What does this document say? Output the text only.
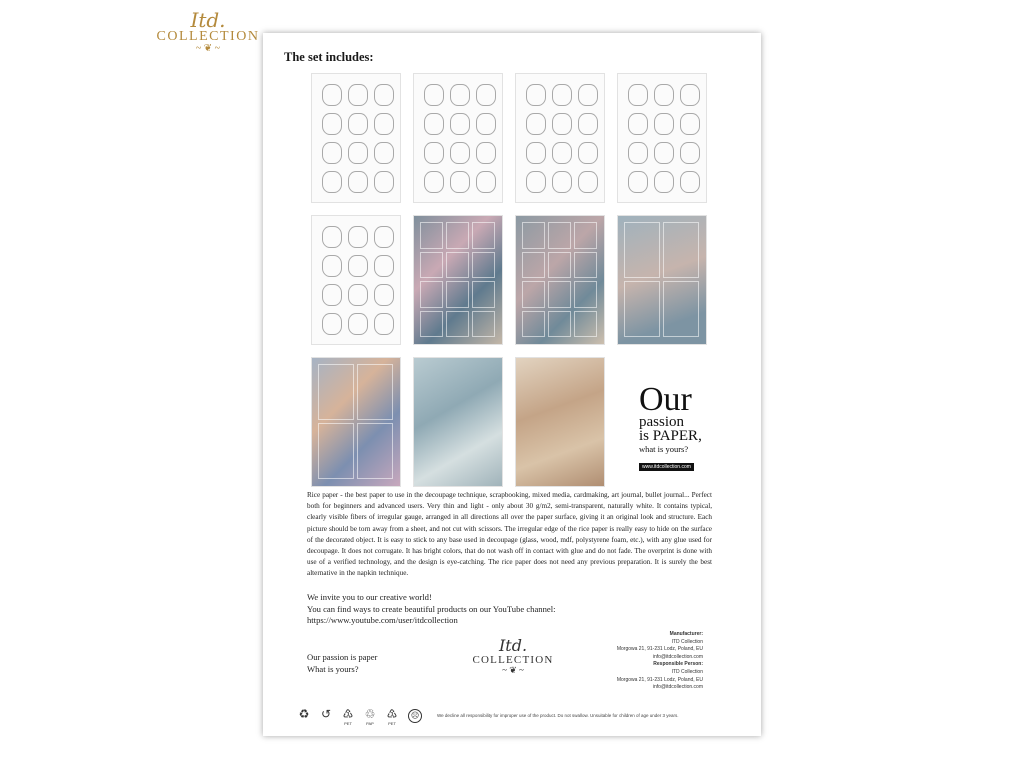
Itd.
COLLECTION
~ ❦ ~
The set includes:
Our
passion
is PAPER,
what is yours?
www.itdcollection.com
Rice paper - the best paper to use in the decoupage technique, scrapbooking, mixed media, cardmaking, art journal, bullet journal... Perfect both for beginners and advanced users. Very thin and light - only about 30 g/m2, semi-transparent, naturally white. It contains typical, clearly visible fibers of irregular gauge, arranged in all directions all over the paper surface, giving it an original look and structure. Each picture should be torn away from a sheet, and not cut with scissors. The irregular edge of the rice paper is really easy to hide on the surface of the decorated object. It is easy to stick to any base used in decoupage (glass, wood, mdf, polystyrene foam, etc.), with any glue used for decoupage. It does not corrugate. It has bright colors, that do not wash off in contact with glue and do not fade. The overprint is done with use of a verified technology, and the design is eye-catching. The rice paper does not need any previous preparation. It is surely the best alternative in the napkin technique.
We invite you to our creative world!
You can find ways to create beautiful products on our YouTube channel:
https://www.youtube.com/user/itdcollection
Our passion is paper
What is yours?
Itd.
COLLECTION
~ ❦ ~
Manufacturer:
ITD Collection
Morgowa 21, 91-231 Lodz, Poland, EU
info@itdcollection.com
Responsible Person:
ITD Collection
Morgowa 21, 91-231 Lodz, Poland, EU
info@itdcollection.com
♻ ↺ ♳
PET
♲
PAP
♳
PET
☹	We decline all responsibility for improper use of the product. Do not swallow. Unsuitable for children of age under 3 years.
